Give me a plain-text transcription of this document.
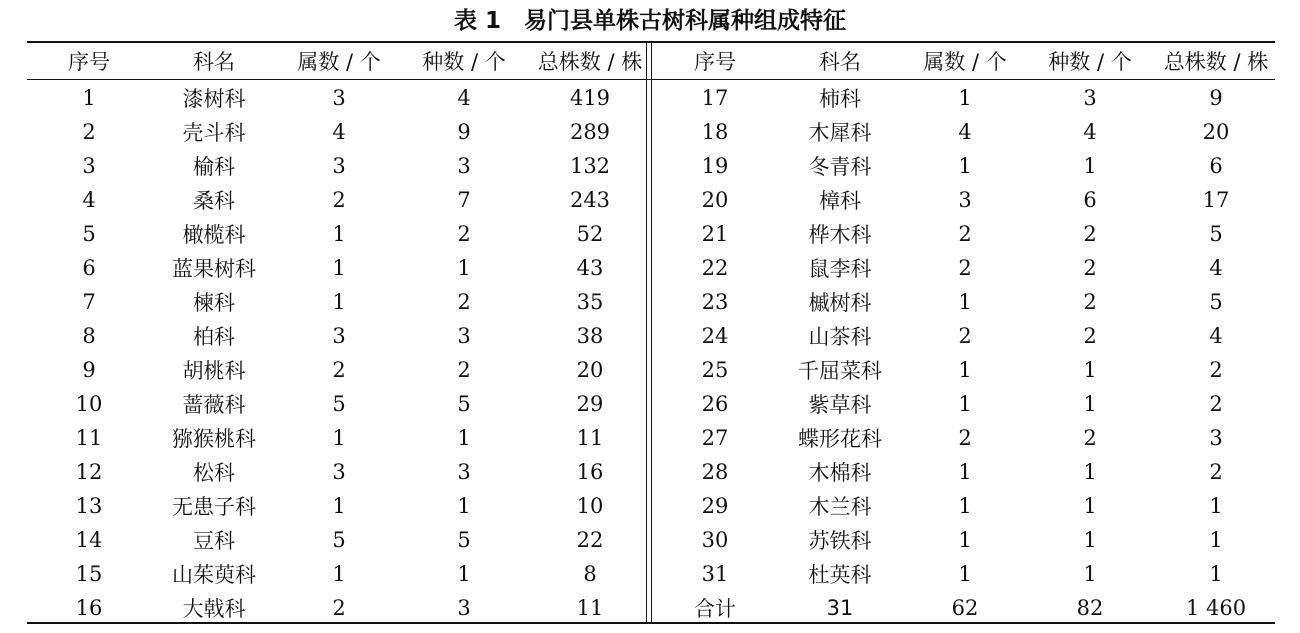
表 1　易门县单株古树科属种组成特征
序号	科名	属数 / 个	种数 / 个	总株数 / 株	序号	科名	属数 / 个	种数 / 个	总株数 / 株
1	漆树科	3	4	419	17	柿科	1	3	9
2	壳斗科	4	9	289	18	木犀科	4	4	20
3	榆科	3	3	132	19	冬青科	1	1	6
4	桑科	2	7	243	20	樟科	3	6	17
5	橄榄科	1	2	52	21	桦木科	2	2	5
6	蓝果树科	1	1	43	22	鼠李科	2	2	4
7	楝科	1	2	35	23	槭树科	1	2	5
8	柏科	3	3	38	24	山茶科	2	2	4
9	胡桃科	2	2	20	25	千屈菜科	1	1	2
10	蔷薇科	5	5	29	26	紫草科	1	1	2
11	猕猴桃科	1	1	11	27	蝶形花科	2	2	3
12	松科	3	3	16	28	木棉科	1	1	2
13	无患子科	1	1	10	29	木兰科	1	1	1
14	豆科	5	5	22	30	苏铁科	1	1	1
15	山茱萸科	1	1	8	31	杜英科	1	1	1
16	大戟科	2	3	11	合计	31	62	82	1 460
